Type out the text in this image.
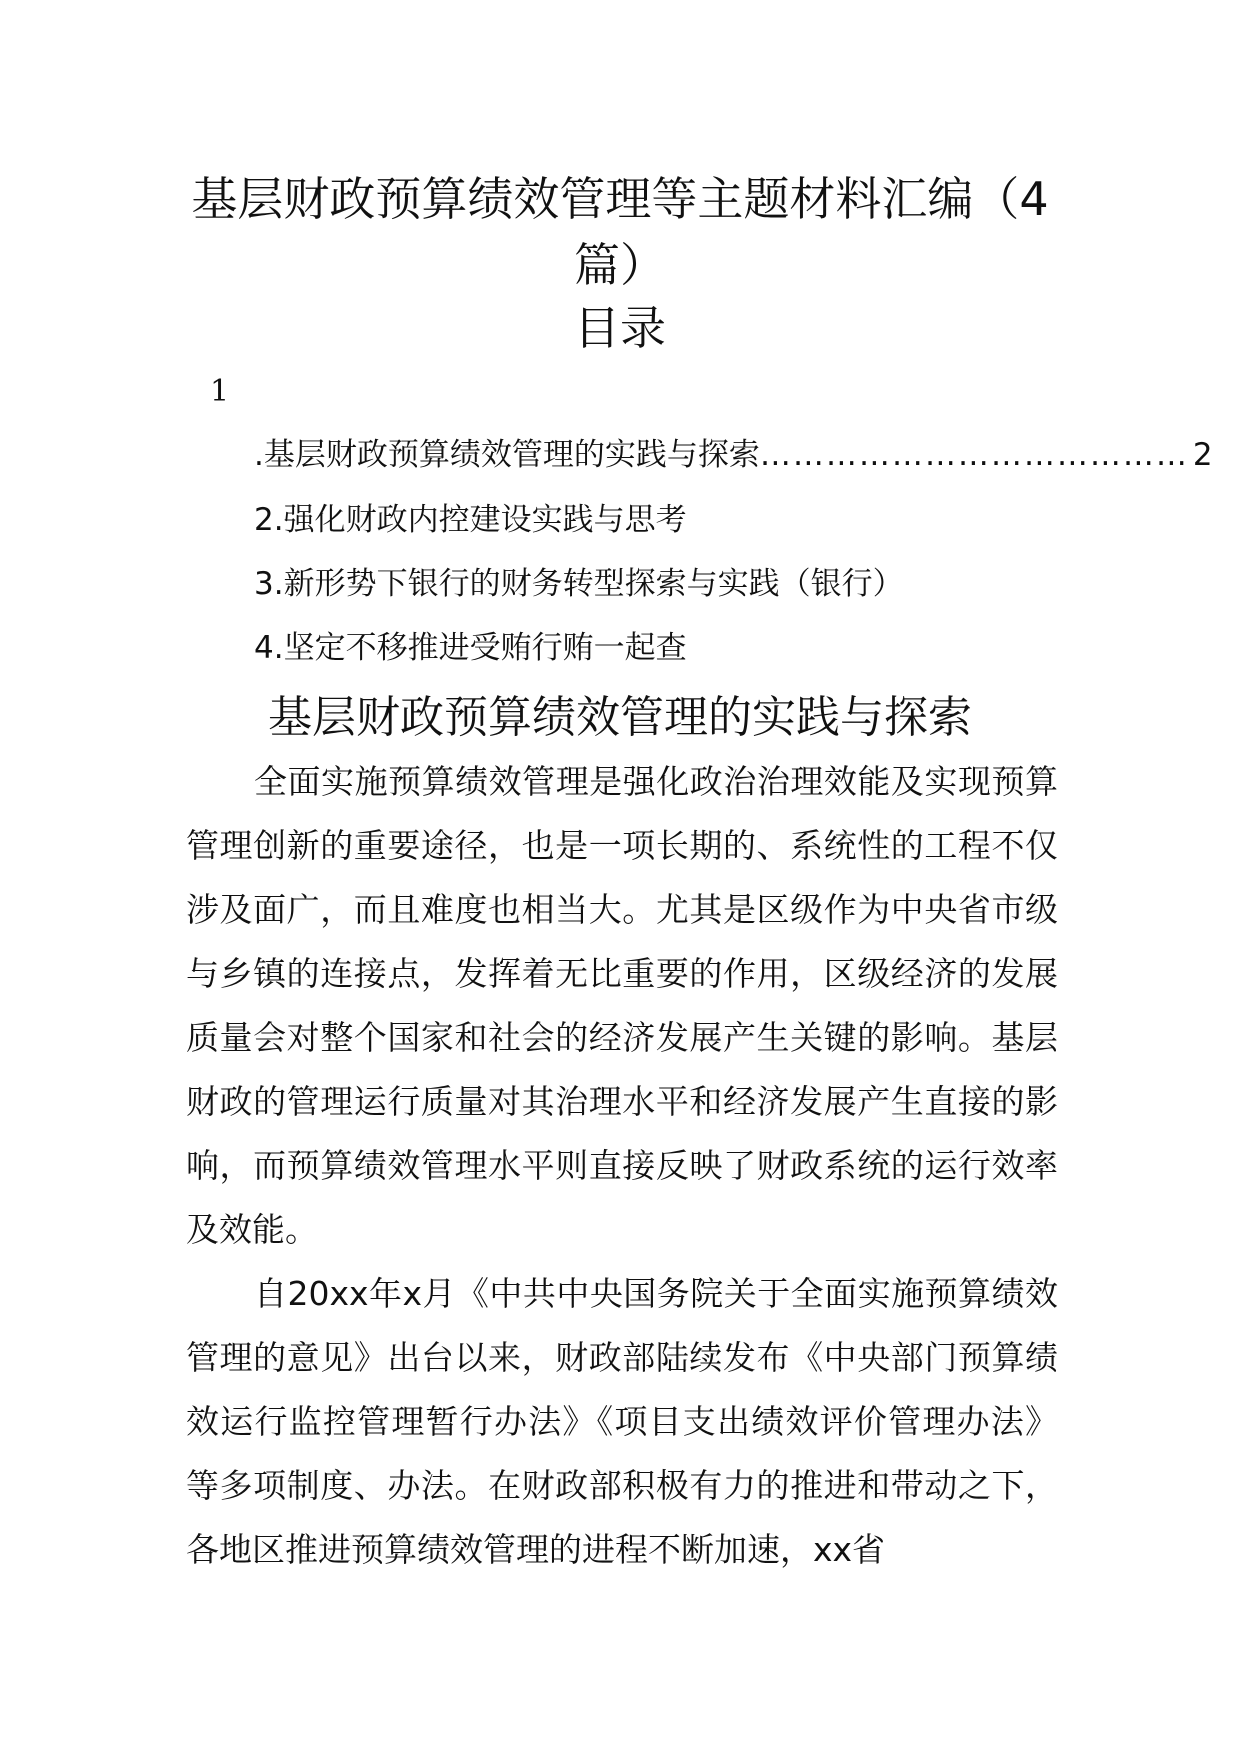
基层财政预算绩效管理等主题材料汇编（4
篇）
目录
1
.基层财政预算绩效管理的实践与探索 ………………………………… 2
2.强化财政内控建设实践与思考
3.新形势下银行的财务转型探索与实践（银行）
4.坚定不移推进受贿行贿一起查
基层财政预算绩效管理的实践与探索

全面实施预算绩效管理是强化政治治理效能及实现预算管理创新的重要途径，也是一项长期的、系统性的工程不仅涉及面广，而且难度也相当大。尤其是区级作为中央省市级与乡镇的连接点，发挥着无比重要的作用，区级经济的发展质量会对整个国家和社会的经济发展产生关键的影响。基层财政的管理运行质量对其治理水平和经济发展产生直接的影响，而预算绩效管理水平则直接反映了财政系统的运行效率及效能。

自20xx年x月《中共中央国务院关于全面实施预算绩效管理的意见》出台以来，财政部陆续发布《中央部门预算绩效运行监控管理暂行办法》《项目支出绩效评价管理办法》等多项制度、办法。在财政部积极有力的推进和带动之下，各地区推进预算绩效管理的进程不断加速，xx省
